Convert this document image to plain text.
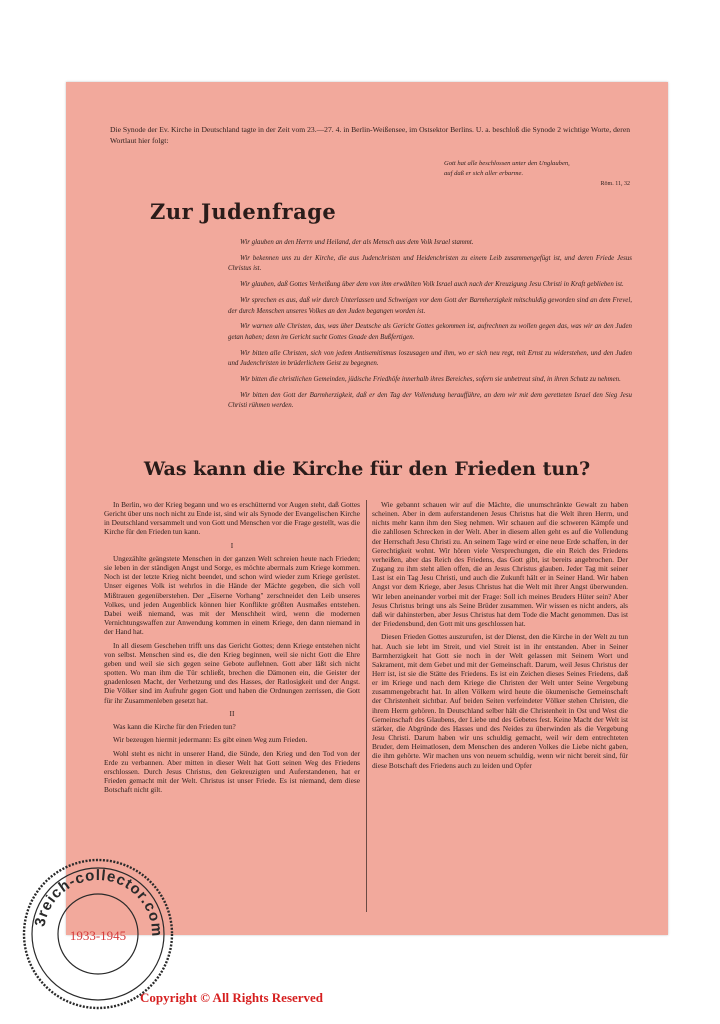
Die Synode der Ev. Kirche in Deutschland tagte in der Zeit vom 23.—27. 4. in Berlin-Weißensee, im Ostsektor Berlins. U. a. beschloß die Synode 2 wichtige Worte, deren Wortlaut hier folgt:
Gott hat alle beschlossen unter den Unglauben,
auf daß er sich aller erbarme.
Röm. 11, 32
Zur Judenfrage

Wir glauben an den Herrn und Heiland, der als Mensch aus dem Volk Israel stammt.

Wir bekennen uns zu der Kirche, die aus Judenchristen und Heidenchristen zu einem Leib zusammengefügt ist, und deren Friede Jesus Christus ist.

Wir glauben, daß Gottes Verheißung über dem von ihm erwählten Volk Israel auch nach der Kreuzigung Jesu Christi in Kraft geblieben ist.

Wir sprechen es aus, daß wir durch Unterlassen und Schweigen vor dem Gott der Barmherzigkeit mitschuldig geworden sind an dem Frevel, der durch Menschen unseres Volkes an den Juden begangen worden ist.

Wir warnen alle Christen, das, was über Deutsche als Gericht Gottes gekommen ist, aufrechnen zu wollen gegen das, was wir an den Juden getan haben; denn im Gericht sucht Gottes Gnade den Bußfertigen.

Wir bitten alle Christen, sich von jedem Antisemitismus loszusagen und ihm, wo er sich neu regt, mit Ernst zu widerstehen, und den Juden und Judenchristen in brüderlichem Geist zu begegnen.

Wir bitten die christlichen Gemeinden, jüdische Friedhöfe innerhalb ihres Bereiches, sofern sie unbetreut sind, in ihren Schutz zu nehmen.

Wir bitten den Gott der Barmherzigkeit, daß er den Tag der Vollendung heraufführe, an dem wir mit dem geretteten Israel den Sieg Jesu Christi rühmen werden.

Was kann die Kirche für den Frieden tun?

In Berlin, wo der Krieg begann und wo es erschütternd vor Augen steht, daß Gottes Gericht über uns noch nicht zu Ende ist, sind wir als Synode der Evangelischen Kirche in Deutschland versammelt und von Gott und Menschen vor die Frage gestellt, was die Kirche für den Frieden tun kann.

I

Ungezählte geängstete Menschen in der ganzen Welt schreien heute nach Frieden; sie leben in der ständigen Angst und Sorge, es möchte abermals zum Kriege kommen. Noch ist der letzte Krieg nicht beendet, und schon wird wieder zum Kriege gerüstet. Unser eigenes Volk ist wehrlos in die Hände der Mächte gegeben, die sich voll Mißtrauen gegenüberstehen. Der „Eiserne Vorhang" zerschneidet den Leib unseres Volkes, und jeden Augenblick können hier Konflikte größten Ausmaßes entstehen. Dabei weiß niemand, was mit der Menschheit wird, wenn die modernen Vernichtungswaffen zur Anwendung kommen in einem Kriege, den dann niemand in der Hand hat.

In all diesem Geschehen trifft uns das Gericht Gottes; denn Kriege entstehen nicht von selbst. Menschen sind es, die den Krieg beginnen, weil sie nicht Gott die Ehre geben und weil sie sich gegen seine Gebote auflehnen. Gott aber läßt sich nicht spotten. Wo man ihm die Tür schließt, brechen die Dämonen ein, die Geister der gnadenlosen Macht, der Verhetzung und des Hasses, der Ratlosigkeit und der Angst. Die Völker sind im Aufruhr gegen Gott und haben die Ordnungen zerrissen, die Gott für ihr Zusammenleben gesetzt hat.

II

Was kann die Kirche für den Frieden tun?

Wir bezeugen hiermit jedermann: Es gibt einen Weg zum Frieden.

Wohl steht es nicht in unserer Hand, die Sünde, den Krieg und den Tod von der Erde zu verbannen. Aber mitten in dieser Welt hat Gott seinen Weg des Friedens erschlossen. Durch Jesus Christus, den Gekreuzigten und Auferstandenen, hat er Frieden gemacht mit der Welt. Christus ist unser Friede. Es ist niemand, dem diese Botschaft nicht gilt.

Wie gebannt schauen wir auf die Mächte, die unumschränkte Gewalt zu haben scheinen. Aber in dem auferstandenen Jesus Christus hat die Welt ihren Herrn, und nichts mehr kann ihm den Sieg nehmen. Wir schauen auf die schweren Kämpfe und die zahllosen Schrecken in der Welt. Aber in diesem allen geht es auf die Vollendung der Herrschaft Jesu Christi zu. An seinem Tage wird er eine neue Erde schaffen, in der Gerechtigkeit wohnt. Wir hören viele Versprechungen, die ein Reich des Friedens verheißen, aber das Reich des Friedens, das Gott gibt, ist bereits angebrochen. Der Zugang zu ihm steht allen offen, die an Jesus Christus glauben. Jeder Tag mit seiner Last ist ein Tag Jesu Christi, und auch die Zukunft hält er in Seiner Hand. Wir haben Angst vor dem Kriege, aber Jesus Christus hat die Welt mit ihrer Angst überwunden. Wir leben aneinander vorbei mit der Frage: Soll ich meines Bruders Hüter sein? Aber Jesus Christus bringt uns als Seine Brüder zusammen. Wir wissen es nicht anders, als daß wir dahinsterben, aber Jesus Christus hat dem Tode die Macht genommen. Das ist der Friedensbund, den Gott mit uns geschlossen hat.

Diesen Frieden Gottes auszurufen, ist der Dienst, den die Kirche in der Welt zu tun hat. Auch sie lebt im Streit, und viel Streit ist in ihr entstanden. Aber in Seiner Barmherzigkeit hat Gott sie noch in der Welt gelassen mit Seinem Wort und Sakrament, mit dem Gebet und mit der Gemeinschaft. Darum, weil Jesus Christus der Herr ist, ist sie die Stätte des Friedens. Es ist ein Zeichen dieses Seines Friedens, daß er im Kriege und nach dem Kriege die Christen der Welt unter Seine Vergebung zusammengebracht hat. In allen Völkern wird heute die ökumenische Gemeinschaft der Christenheit sichtbar. Auf beiden Seiten verfeindeter Völker stehen Christen, die ihrem Herrn gehören. In Deutschland selber hält die Christenheit in Ost und West die Gemeinschaft des Glaubens, der Liebe und des Gebetes fest. Keine Macht der Welt ist stärker, die Abgründe des Hasses und des Neides zu überwinden als die Vergebung Jesu Christi. Darum haben wir uns schuldig gemacht, weil wir dem entrechteten Bruder, dem Heimatlosen, dem Menschen des anderen Volkes die Liebe nicht gaben, die ihm gehörte. Wir machen uns von neuem schuldig, wenn wir nicht bereit sind, für diese Botschaft des Friedens auch zu leiden und Opfer

3reich-collector.com
1933-1945
Copyright © All Rights Reserved
